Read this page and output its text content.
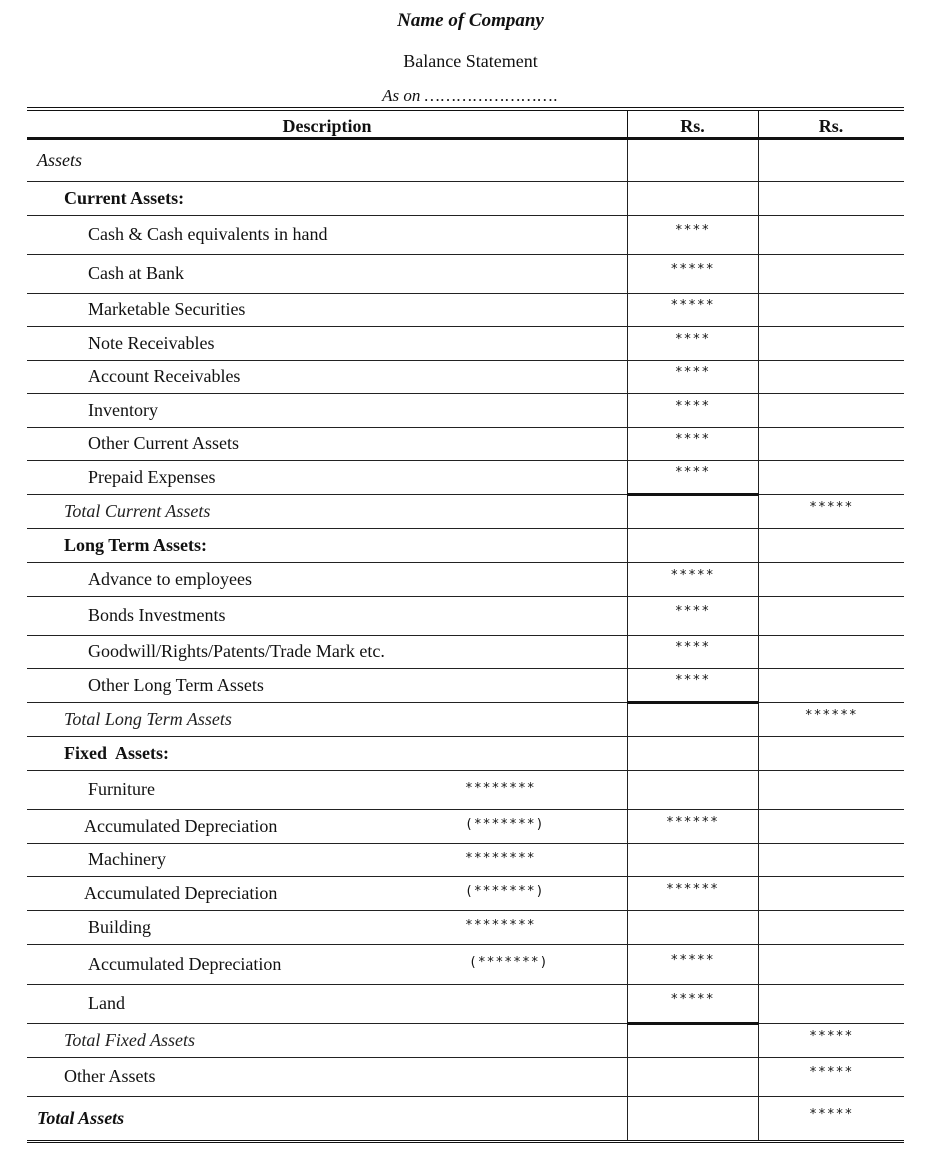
Name of Company
Balance Statement
As on …………………….
Description	Rs.	Rs.
Assets		
Current Assets:		
Cash & Cash equivalents in hand	****	
Cash at Bank	*****	
Marketable Securities	*****	
Note Receivables	****	
Account Receivables	****	
Inventory	****	
Other Current Assets	****	
Prepaid Expenses	****	
Total Current Assets		*****
Long Term Assets:		
Advance to employees	*****	
Bonds Investments	****	
Goodwill/Rights/Patents/Trade Mark etc.	****	
Other Long Term Assets	****	
Total Long Term Assets		******
Fixed  Assets:		
Furniture ********		

Accumulated Depreciation (*******)	******	
Machinery ********		

Accumulated Depreciation (*******)	******	
Building ********		

Accumulated Depreciation (*******)	*****	
Land	*****	
Total Fixed Assets		*****
Other Assets		*****
Total Assets		*****
